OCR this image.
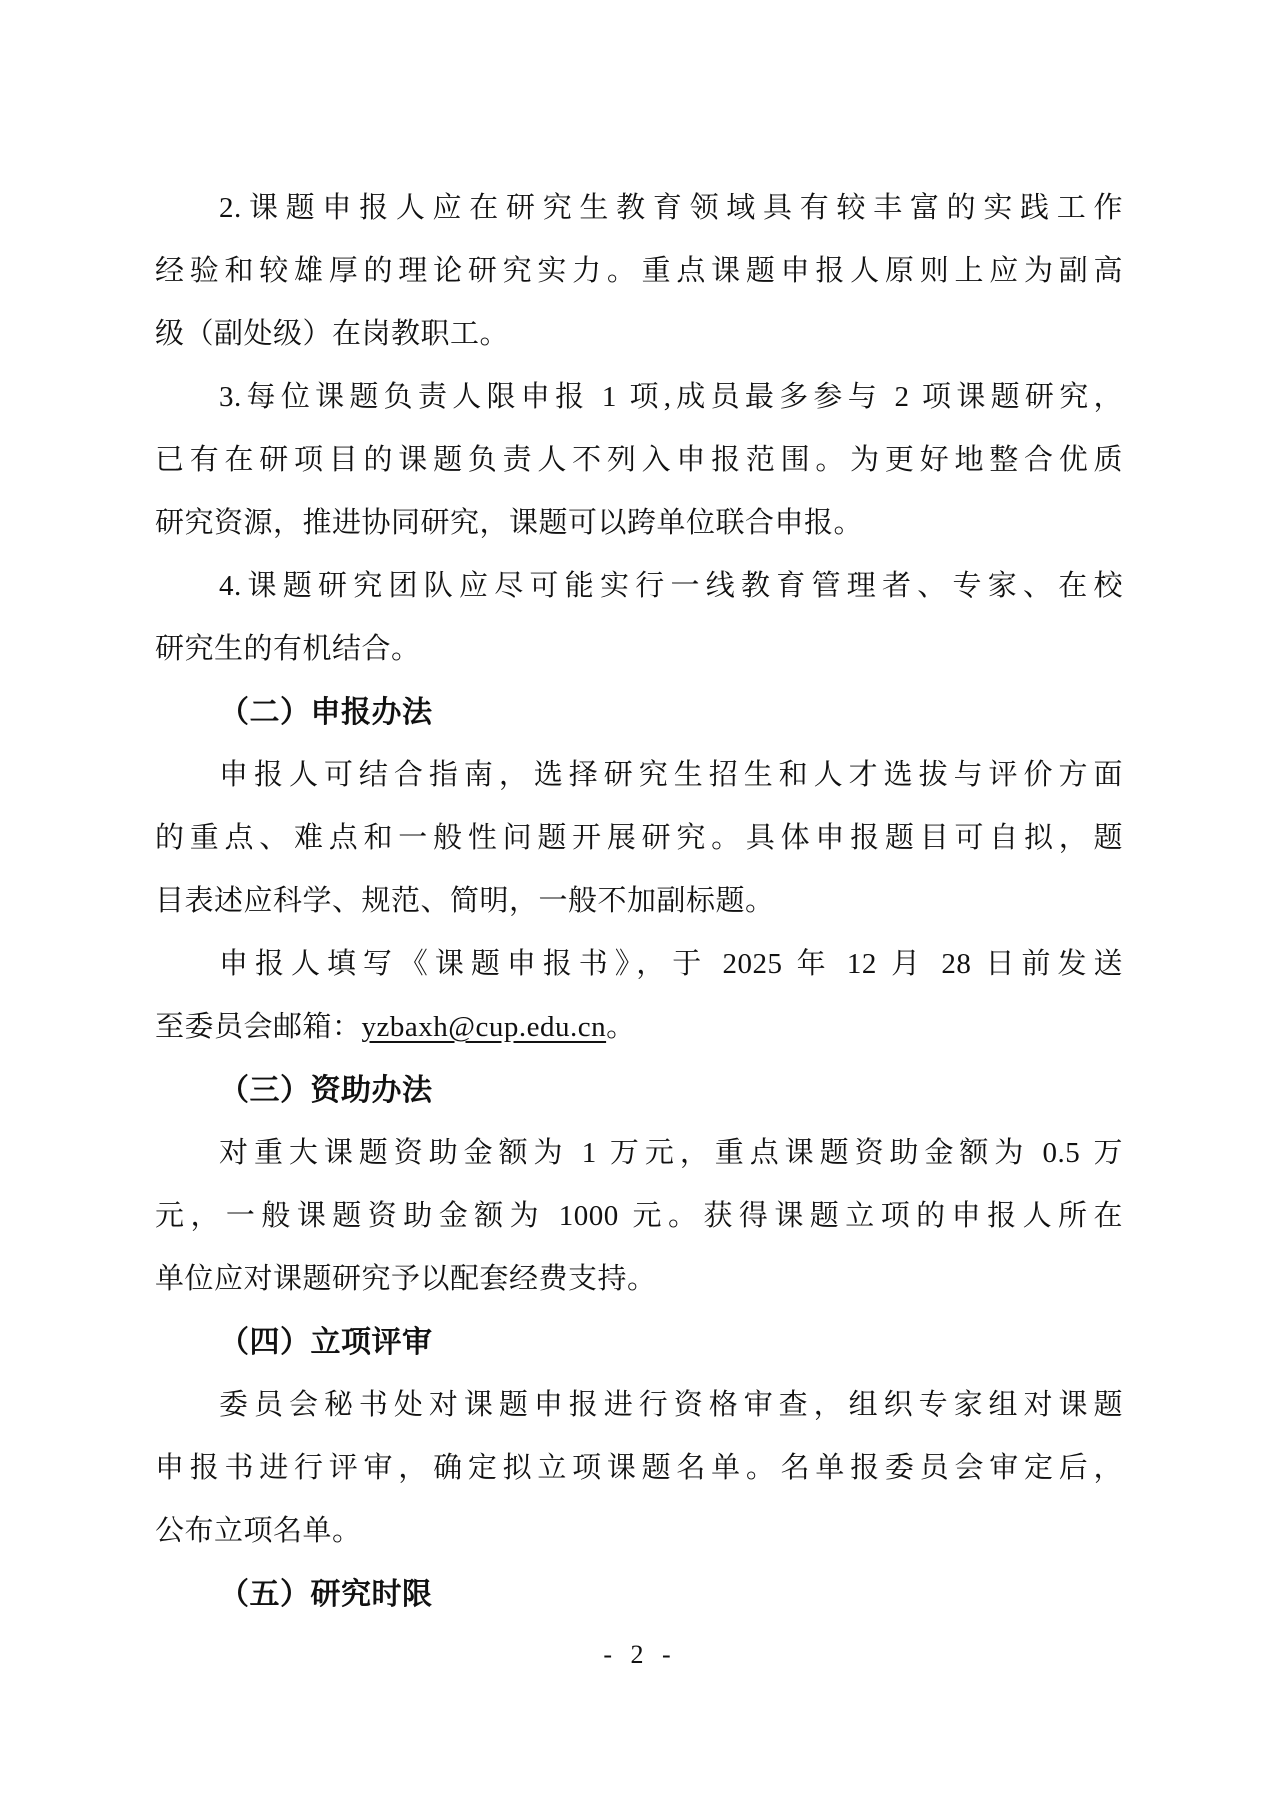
2.课题申报人应在研究生教育领域具有较丰富的实践工作
经验和较雄厚的理论研究实力。重点课题申报人原则上应为副高
级（副处级）在岗教职工。
3.每位课题负责人限申报 1 项,成员最多参与 2 项课题研究，
已有在研项目的课题负责人不列入申报范围。为更好地整合优质
研究资源，推进协同研究，课题可以跨单位联合申报。
4.课题研究团队应尽可能实行一线教育管理者、专家、在校
研究生的有机结合。
（二）申报办法
申报人可结合指南，选择研究生招生和人才选拔与评价方面
的重点、难点和一般性问题开展研究。具体申报题目可自拟，题
目表述应科学、规范、简明，一般不加副标题。
申报人填写《课题申报书》，于 2025 年 12 月 28 日前发送
至委员会邮箱：yzbaxh@cup.edu.cn。
（三）资助办法
对重大课题资助金额为 1 万元，重点课题资助金额为 0.5 万
元，一般课题资助金额为 1000 元。获得课题立项的申报人所在
单位应对课题研究予以配套经费支持。
（四）立项评审
委员会秘书处对课题申报进行资格审查，组织专家组对课题
申报书进行评审，确定拟立项课题名单。名单报委员会审定后，
公布立项名单。
（五）研究时限
- 2 -
